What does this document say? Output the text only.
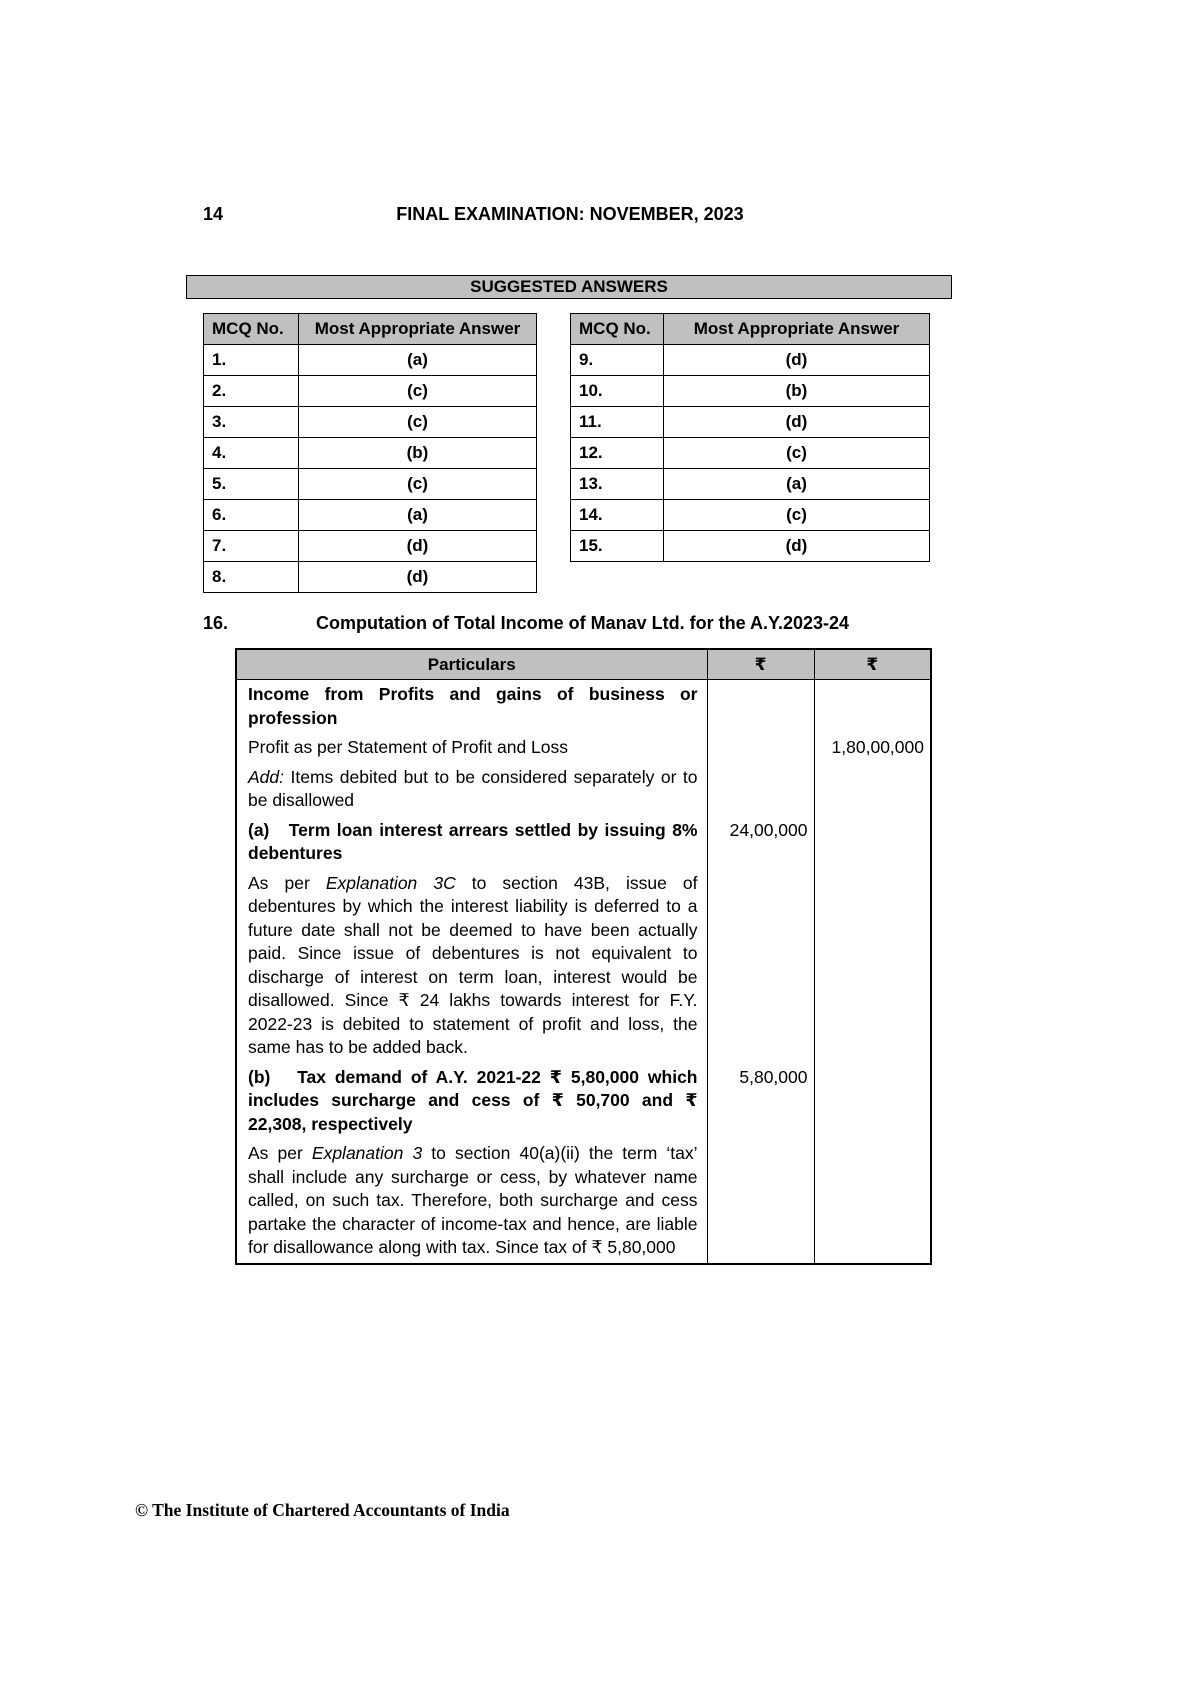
14	FINAL EXAMINATION: NOVEMBER, 2023
SUGGESTED ANSWERS
MCQ No.	Most Appropriate Answer
1.	(a)
2.	(c)
3.	(c)
4.	(b)
5.	(c)
6.	(a)
7.	(d)
8.	(d)
MCQ No.	Most Appropriate Answer
9.	(d)
10.	(b)
11.	(d)
12.	(c)
13.	(a)
14.	(c)
15.	(d)
16.	Computation of Total Income of Manav Ltd. for the A.Y.2023-24
Particulars	₹	₹
Income from Profits and gains of business or profession		
Profit as per Statement of Profit and Loss		1,80,00,000
Add: Items debited but to be considered separately or to be disallowed		
(a)   Term loan interest arrears settled by issuing 8% debentures	24,00,000	
As per Explanation 3C to section 43B, issue of debentures by which the interest liability is deferred to a future date shall not be deemed to have been actually paid. Since issue of debentures is not equivalent to discharge of interest on term loan, interest would be disallowed. Since ₹ 24 lakhs towards interest for F.Y. 2022-23 is debited to statement of profit and loss, the same has to be added back.		
(b)   Tax demand of A.Y. 2021-22 ₹ 5,80,000 which includes surcharge and cess of ₹ 50,700 and ₹ 22,308, respectively	5,80,000	
As per Explanation 3 to section 40(a)(ii) the term ‘tax’ shall include any surcharge or cess, by whatever name called, on such tax. Therefore, both surcharge and cess partake the character of income-tax and hence, are liable for disallowance along with tax. Since tax of ₹ 5,80,000		
© The Institute of Chartered Accountants of India
